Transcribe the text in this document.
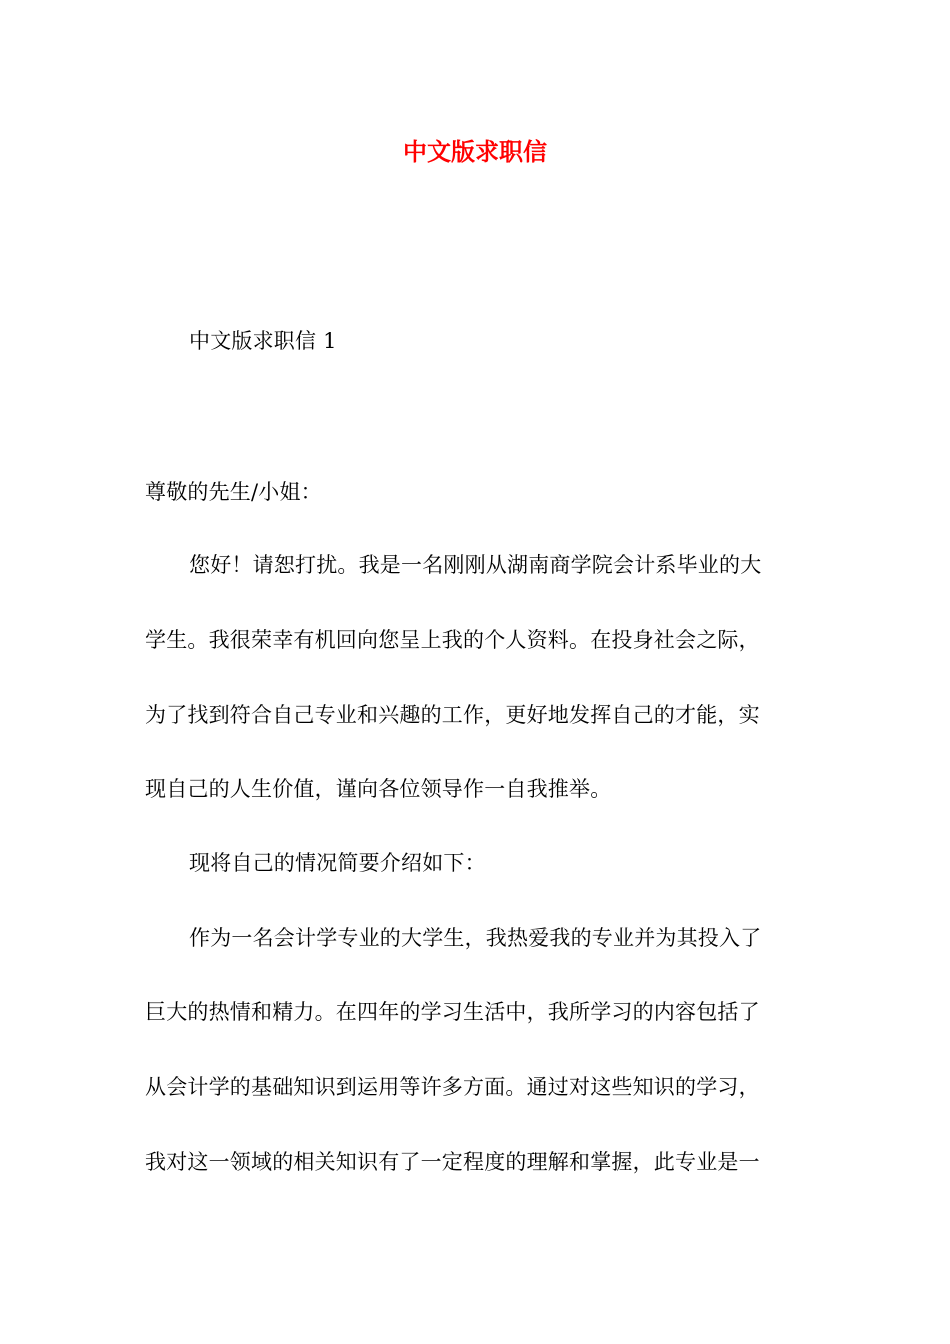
中文版求职信
中文版求职信 1
尊敬的先生/小姐：
您好！请恕打扰。我是一名刚刚从湖南商学院会计系毕业的大
学生。我很荣幸有机回向您呈上我的个人资料。在投身社会之际，
为了找到符合自己专业和兴趣的工作，更好地发挥自己的才能，实
现自己的人生价值，谨向各位领导作一自我推举。
现将自己的情况简要介绍如下：
作为一名会计学专业的大学生，我热爱我的专业并为其投入了
巨大的热情和精力。在四年的学习生活中，我所学习的内容包括了
从会计学的基础知识到运用等许多方面。通过对这些知识的学习，
我对这一领域的相关知识有了一定程度的理解和掌握，此专业是一
